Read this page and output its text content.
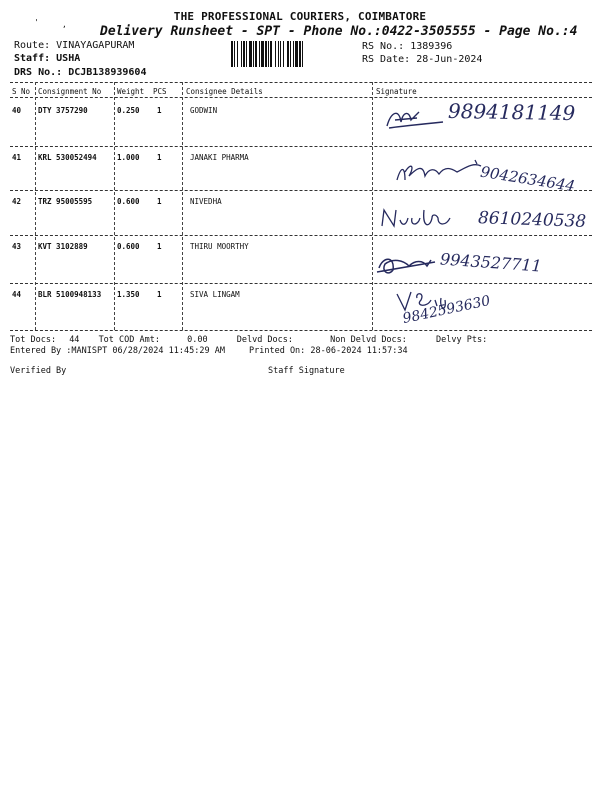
THE PROFESSIONAL COURIERS, COIMBATORE
Delivery Runsheet - SPT - Phone No.:0422-3505555 - Page No.:4
Route: VINAYAGAPURAM
Staff: USHA
DRS No.: DCJB138939604
RS No.: 1389396
RS Date: 28-Jun-2024
S No Consignment No Weight PCS	Consignee Details	Signature
40 DTY 3757290	0.250 1	GODWIN	9894181149
41 KRL 530052494	1.000 1	JANAKI PHARMA
9042634644
42 TRZ 95005595	0.600 1	NIVEDHA
8610240538
43 KVT 3102889	0.600 1	THIRU MOORTHY
9943527711
44 BLR 5100948133 1.350 1	SIVA LINGAM	9842593630
Tot Docs: 44 Tot COD Amt:	0.00	Delvd Docs:	Non Delvd Docs:	Delvy Pts:
Entered By :MANISPT 06/28/2024 11:45:29 AM	Printed On: 28-06-2024 11:57:34
Verified By	Staff Signature
'	,
